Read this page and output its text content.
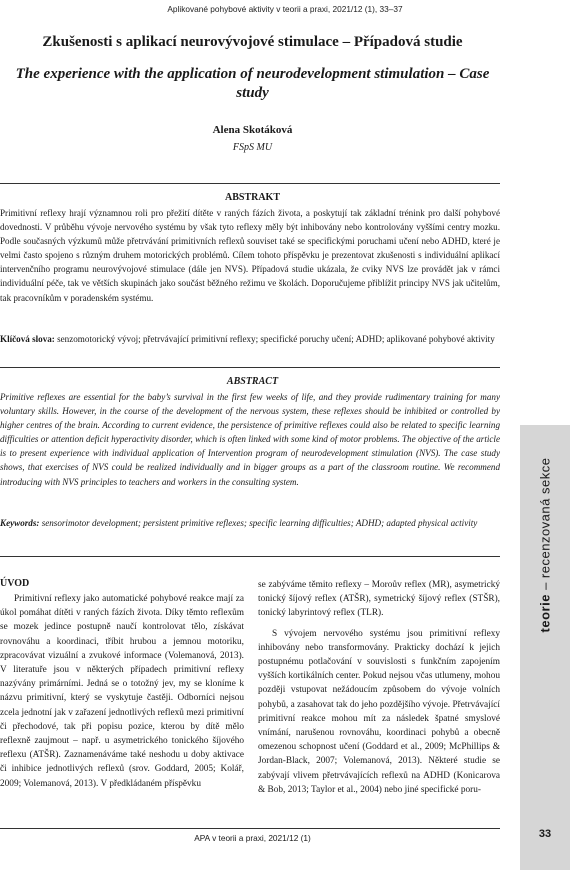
Aplikované pohybové aktivity v teorii a praxi, 2021/12 (1), 33–37
Zkušenosti s aplikací neurovývojové stimulace – Případová studie
The experience with the application of neurodevelopment stimulation – Case study
Alena Skotáková
FSpS MU
ABSTRAKT
Primitivní reflexy hrají významnou roli pro přežití dítěte v raných fázích života, a poskytují tak základní trénink pro další pohybové dovednosti. V průběhu vývoje nervového systému by však tyto reflexy měly být inhibovány nebo kontrolovány vyššími centry mozku. Podle současných výzkumů může přetrvávání primitivních reflexů souviset také se specifickými poruchami učení nebo ADHD, které je velmi často spojeno s různým druhem motorických problémů. Cílem tohoto příspěvku je prezentovat zkušenosti s individuální aplikací intervenčního programu neurovývojové stimulace (dále jen NVS). Případová studie ukázala, že cviky NVS lze provádět jak v rámci individuální péče, tak ve větších skupinách jako součást běžného režimu ve školách. Doporučujeme přiblížit principy NVS jak učitelům, tak pracovníkům v poradenském systému.
Klíčová slova: senzomotorický vývoj; přetrvávající primitivní reflexy; specifické poruchy učení; ADHD; aplikované pohybové aktivity
ABSTRACT
Primitive reflexes are essential for the baby’s survival in the first few weeks of life, and they provide rudimentary training for many voluntary skills. However, in the course of the development of the nervous system, these reflexes should be inhibited or controlled by higher centres of the brain. According to current evidence, the persistence of primitive reflexes could also be related to specific learning difficulties or attention deficit hyperactivity disorder, which is often linked with some kind of motor problems. The objective of the article is to present experience with individual application of Intervention program of neurodevelopment stimulation (NVS). The case study shows, that exercises of NVS could be realized individually and in bigger groups as a part of the classroom routine. We recommend introducing with NVS principles to teachers and workers in the consulting system.
Keywords: sensorimotor development; persistent primitive reflexes; specific learning difficulties; ADHD; adapted physical activity
ÚVOD

Primitivní reflexy jako automatické pohybové reakce mají za úkol pomáhat dítěti v raných fázích života. Díky těmto reflexům se mozek jedince postupně naučí kontrolovat tělo, získávat rovnováhu a koordinaci, tříbit hrubou a jemnou motoriku, zpracovávat vizuální a zvukové informace (Volemanová, 2013). V literatuře jsou v některých případech primitivní reflexy nazývány primárními. Jedná se o totožný jev, my se kloníme k názvu primitivní, který se vyskytuje častěji. Odborníci nejsou zcela jednotní jak v zařazení jednotlivých reflexů mezi primitivní či přechodové, tak při popisu pozice, kterou by dítě mělo reflexně zaujmout – např. u asymetrického tonického šíjového reflexu (ATŠR). Zaznamenáváme také neshodu u doby aktivace či inhibice jednotlivých reflexů (srov. Goddard, 2005; Kolář, 2009; Volemanová, 2013). V předkládaném příspěvku

se zabýváme těmito reflexy – Moroův reflex (MR), asymetrický tonický šíjový reflex (ATŠR), symetrický šíjový reflex (STŠR), tonický labyrintový reflex (TLR).

S vývojem nervového systému jsou primitivní reflexy inhibovány nebo transformovány. Prakticky dochází k jejich postupnému potlačování v souvislosti s funkčním zapojením vyšších kortikálních center. Pokud nejsou včas utlumeny, mohou později vstupovat nežádoucím způsobem do vývoje volních pohybů, a zasahovat tak do jeho pozdějšího vývoje. Přetrvávající primitivní reakce mohou mít za následek špatné smyslové vnímání, narušenou rovnováhu, koordinaci pohybů a obecně omezenou schopnost učení (Goddard et al., 2009; McPhillips & Jordan-Black, 2007; Volemanová, 2013). Některé studie se zabývají vlivem přetrvávajících reflexů na ADHD (Konicarova & Bob, 2013; Taylor et al., 2004) nebo jiné specifické poru-

teorie – recenzovaná sekce
APA v teorii a praxi, 2021/12 (1)	33
